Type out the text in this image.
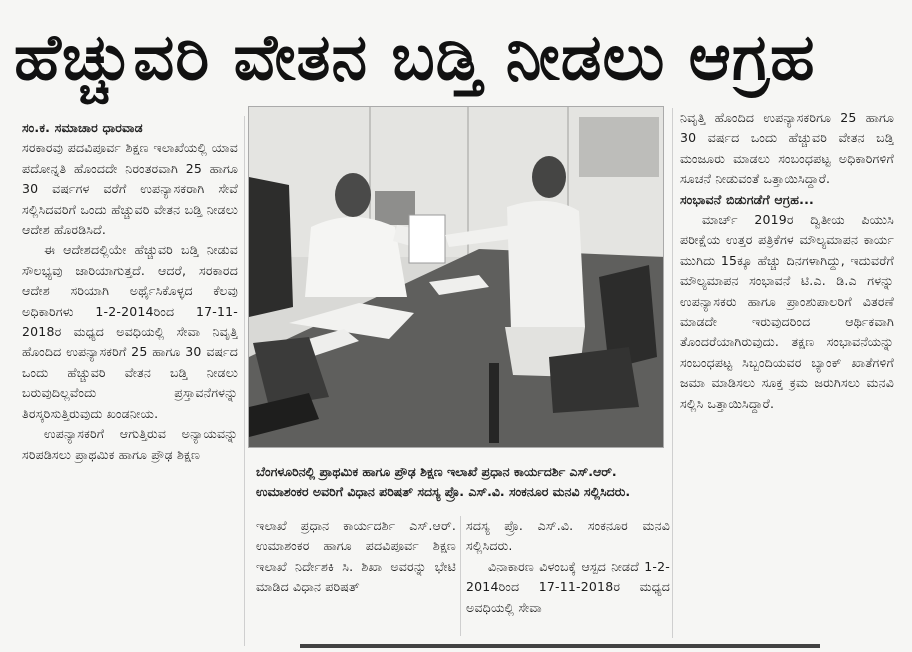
ಹೆಚ್ಚುವರಿ ವೇತನ ಬಡ್ತಿ ನೀಡಲು ಆಗ್ರಹ

ಸಂ.ಕ. ಸಮಾಚಾರ ಧಾರವಾಡ

ಸರಕಾರವು ಪದವಿಪೂರ್ವ ಶಿಕ್ಷಣ ಇಲಾಖೆಯಲ್ಲಿ ಯಾವ ಪದೋನ್ನತಿ ಹೊಂದದೇ ನಿರಂತರವಾಗಿ 25 ಹಾಗೂ 30 ವರ್ಷಗಳ ವರೆಗೆ ಉಪನ್ಯಾಸಕರಾಗಿ ಸೇವೆ ಸಲ್ಲಿಸಿದವರಿಗೆ ಒಂದು ಹೆಚ್ಚುವರಿ ವೇತನ ಬಡ್ತಿ ನೀಡಲು ಆದೇಶ ಹೊರಡಿಸಿದೆ.

ಈ ಆದೇಶದಲ್ಲಿಯೇ ಹೆಚ್ಚುವರಿ ಬಡ್ತಿ ನೀಡುವ ಸೌಲಭ್ಯವು ಜಾರಿಯಾಗುತ್ತದೆ. ಆದರೆ, ಸರಕಾರದ ಆದೇಶ ಸರಿಯಾಗಿ ಅರ್ಥೈಸಿಕೊಳ್ಳದ ಕೆಲವು ಅಧಿಕಾರಿಗಳು 1-2-2014ರಿಂದ 17-11-2018ರ ಮಧ್ಯದ ಅವಧಿಯಲ್ಲಿ ಸೇವಾ ನಿವೃತ್ತಿ ಹೊಂದಿದ ಉಪನ್ಯಾಸಕರಿಗೆ 25 ಹಾಗೂ 30 ವರ್ಷದ ಒಂದು ಹೆಚ್ಚುವರಿ ವೇತನ ಬಡ್ತಿ ನೀಡಲು ಬರುವುದಿಲ್ಲವೆಂದು ಪ್ರಸ್ತಾವನೆಗಳನ್ನು ತಿರಸ್ಕರಿಸುತ್ತಿರುವುದು ಖಂಡನೀಯ.

ಉಪನ್ಯಾಸಕರಿಗೆ ಆಗುತ್ತಿರುವ ಅನ್ಯಾಯವನ್ನು ಸರಿಪಡಿಸಲು ಪ್ರಾಥಮಿಕ ಹಾಗೂ ಪ್ರೌಢ ಶಿಕ್ಷಣ

ಬೆಂಗಳೂರಿನಲ್ಲಿ ಪ್ರಾಥಮಿಕ ಹಾಗೂ ಪ್ರೌಢ ಶಿಕ್ಷಣ ಇಲಾಖೆ ಪ್ರಧಾನ ಕಾರ್ಯದರ್ಶಿ ಎಸ್.ಆರ್. ಉಮಾಶಂಕರ ಅವರಿಗೆ ವಿಧಾನ ಪರಿಷತ್ ಸದಸ್ಯ ಪ್ರೊ. ಎಸ್.ವಿ. ಸಂಕನೂರ ಮನವಿ ಸಲ್ಲಿಸಿದರು.

ಇಲಾಖೆ ಪ್ರಧಾನ ಕಾರ್ಯದರ್ಶಿ ಎಸ್.ಆರ್. ಉಮಾಶಂಕರ ಹಾಗೂ ಪದವಿಪೂರ್ವ ಶಿಕ್ಷಣ ಇಲಾಖೆ ನಿರ್ದೇಶಕಿ ಸಿ. ಶಿಖಾ ಅವರನ್ನು ಭೇಟಿ ಮಾಡಿದ ವಿಧಾನ ಪರಿಷತ್

ಸದಸ್ಯ ಪ್ರೊ. ಎಸ್.ವಿ. ಸಂಕನೂರ ಮನವಿ ಸಲ್ಲಿಸಿದರು.

ವಿನಾಕಾರಣ ವಿಳಂಬಕ್ಕೆ ಆಸ್ಪದ ನೀಡದೆ 1-2-2014ರಿಂದ 17-11-2018ರ ಮಧ್ಯದ ಅವಧಿಯಲ್ಲಿ ಸೇವಾ

ನಿವೃತ್ತಿ ಹೊಂದಿದ ಉಪನ್ಯಾಸಕರಿಗೂ 25 ಹಾಗೂ 30 ವರ್ಷದ ಒಂದು ಹೆಚ್ಚುವರಿ ವೇತನ ಬಡ್ತಿ ಮಂಜೂರು ಮಾಡಲು ಸಂಬಂಧಪಟ್ಟ ಅಧಿಕಾರಿಗಳಿಗೆ ಸೂಚನೆ ನೀಡುವಂತೆ ಒತ್ತಾಯಿಸಿದ್ದಾರೆ.

ಸಂಭಾವನೆ ಬಿಡುಗಡೆಗೆ ಆಗ್ರಹ...

ಮಾರ್ಚ್ 2019ರ ದ್ವಿತೀಯ ಪಿಯುಸಿ ಪರೀಕ್ಷೆಯ ಉತ್ತರ ಪತ್ರಿಕೆಗಳ ಮೌಲ್ಯಮಾಪನ ಕಾರ್ಯ ಮುಗಿದು 15ಕ್ಕೂ ಹೆಚ್ಚು ದಿನಗಳಾಗಿದ್ದು, ಇದುವರೆಗೆ ಮೌಲ್ಯಮಾಪನ ಸಂಭಾವನೆ ಟಿ.ಎ. ಡಿ.ಎ ಗಳನ್ನು ಉಪನ್ಯಾಸಕರು ಹಾಗೂ ಪ್ರಾಂಶುಪಾಲರಿಗೆ ವಿತರಣೆ ಮಾಡದೇ ಇರುವುದರಿಂದ ಆರ್ಥಿಕವಾಗಿ ತೊಂದರೆಯಾಗಿರುವುದು. ತಕ್ಷಣ ಸಂಭಾವನೆಯನ್ನು ಸಂಬಂಧಪಟ್ಟ ಸಿಬ್ಬಂದಿಯವರ ಬ್ಯಾಂಕ್ ಖಾತೆಗಳಿಗೆ ಜಮಾ ಮಾಡಿಸಲು ಸೂಕ್ತ ಕ್ರಮ ಜರುಗಿಸಲು ಮನವಿ ಸಲ್ಲಿಸಿ ಒತ್ತಾಯಿಸಿದ್ದಾರೆ.
